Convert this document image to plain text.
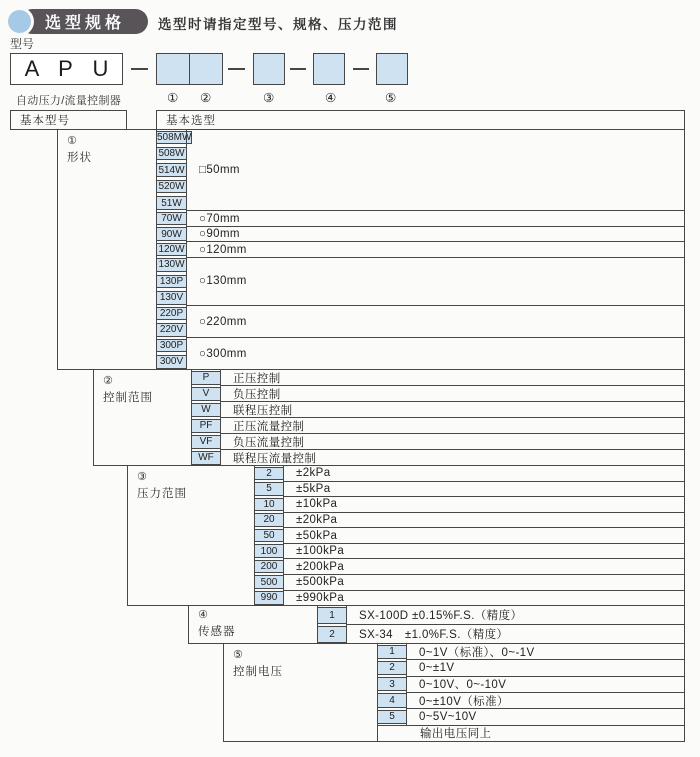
选型规格 选型时请指定型号、规格、压力范围
型号
A P U
① ②	③	④	⑤
自动压力/流量控制器
基本型号	基本选型
①
形状
508MW
508W
514W
520W
51W
□50mm
70W	○70mm
90W	○90mm
120W	○120mm
130W
130P
130V
○130mm
220P
220V
○220mm
300P
300V
○300mm
②
控制范围
P	正压控制
V	负压控制
W	联程压控制
PF	正压流量控制
VF	负压流量控制
WF	联程压流量控制
③
压力范围
2	±2kPa
5	±5kPa
10	±10kPa
20	±20kPa
50	±50kPa
100	±100kPa
200	±200kPa
500	±500kPa
990	±990kPa
④
传感器
1	SX-100D ±0.15%F.S.（精度）
2	SX-34　±1.0%F.S.（精度）
⑤
控制电压
1	0~1V（标准）、0~-1V
2	0~±1V
3	0~10V、0~-10V
4	0~±10V（标准）
5	0~5V~10V
输出电压同上
